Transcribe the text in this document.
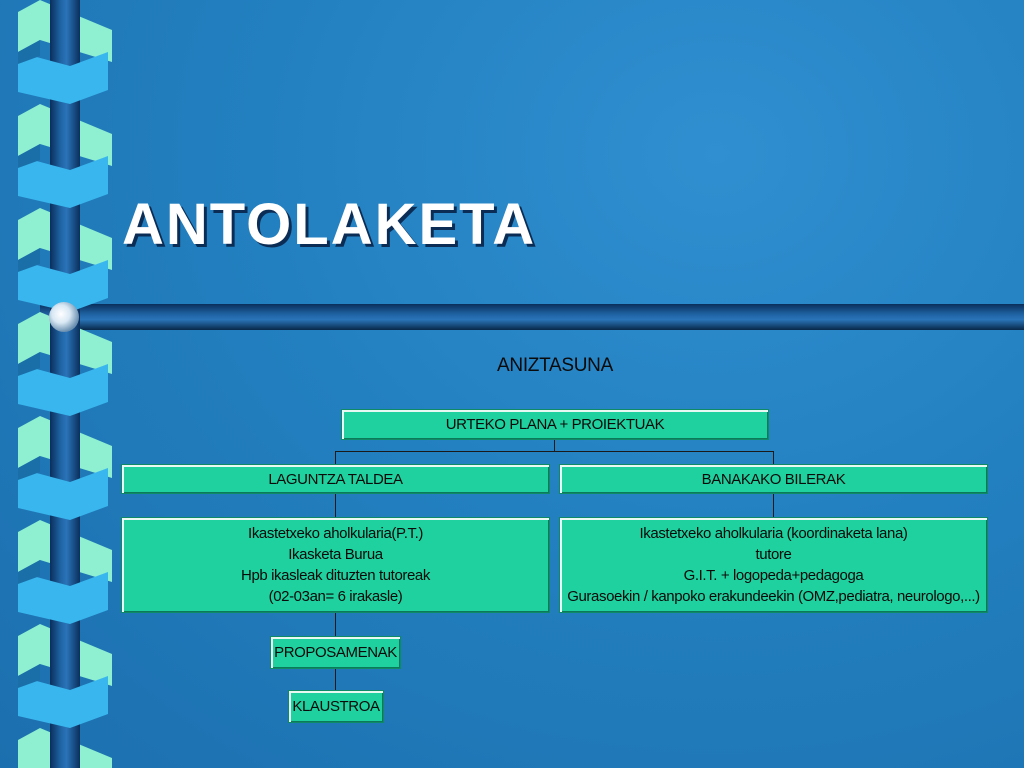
ANTOLAKETA
ANIZTASUNA
URTEKO PLANA + PROIEKTUAK
LAGUNTZA TALDEA	BANAKAKO BILERAK
Ikastetxeko aholkularia(P.T.)
Ikasketa Burua
Hpb ikasleak dituzten tutoreak
(02-03an= 6 irakasle)
Ikastetxeko aholkularia (koordinaketa lana)
tutore
G.I.T. + logopeda+pedagoga
Gurasoekin / kanpoko erakundeekin (OMZ,pediatra, neurologo,...)
PROPOSAMENAK
KLAUSTROA
